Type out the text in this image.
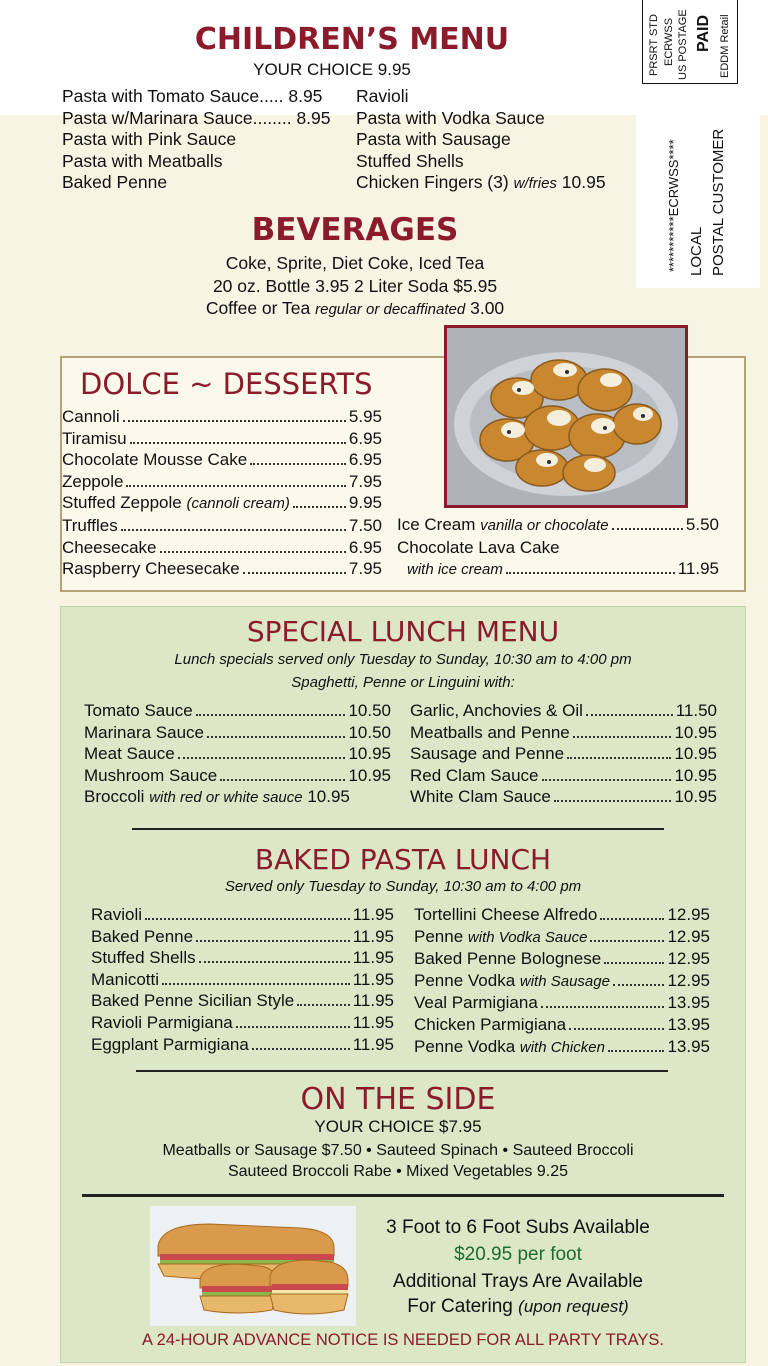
CHILDREN’S MENU
YOUR CHOICE 9.95
Pasta with Tomato Sauce..... 8.95
Pasta w/Marinara Sauce........ 8.95
Pasta with Pink Sauce
Pasta with Meatballs
Baked Penne
Ravioli
Pasta with Vodka Sauce
Pasta with Sausage
Stuffed Shells
Chicken Fingers (3) w/fries 10.95
PRSRT STD ECRWSS US POSTAGE PAID EDDM Retail
***********ECRWSS**** LOCAL POSTAL CUSTOMER
BEVERAGES
Coke, Sprite, Diet Coke, Iced Tea
20 oz. Bottle 3.95 2 Liter Soda $5.95
Coffee or Tea regular or decaffinated 3.00
DOLCE ~ DESSERTS
Cannoli	5.95
Tiramisu	6.95
Chocolate Mousse Cake	6.95
Zeppole	7.95
Stuffed Zeppole
(cannoli cream)	9.95
Truffles	7.50
Cheesecake	6.95
Raspberry Cheesecake	7.95
Ice Cream
vanilla or chocolate	5.50
Chocolate Lava Cake
with ice cream	11.95
SPECIAL LUNCH MENU
Lunch specials served only Tuesday to Sunday, 10:30 am to 4:00 pm
Spaghetti, Penne or Linguini with:
Tomato Sauce	10.50
Marinara Sauce	10.50
Meat Sauce	10.95
Mushroom Sauce	10.95
Broccoli
with red or white sauce
10.95
Garlic, Anchovies & Oil	11.50
Meatballs and Penne	10.95
Sausage and Penne	10.95
Red Clam Sauce	10.95
White Clam Sauce	10.95
BAKED PASTA LUNCH
Served only Tuesday to Sunday, 10:30 am to 4:00 pm
Ravioli	11.95
Baked Penne	11.95
Stuffed Shells	11.95
Manicotti	11.95
Baked Penne Sicilian Style	11.95
Ravioli Parmigiana	11.95
Eggplant Parmigiana	11.95
Tortellini Cheese Alfredo	12.95
Penne
with Vodka Sauce	12.95
Baked Penne Bolognese	12.95
Penne Vodka
with Sausage	12.95
Veal Parmigiana	13.95
Chicken Parmigiana	13.95
Penne Vodka
with Chicken	13.95
ON THE SIDE
YOUR CHOICE $7.95
Meatballs or Sausage $7.50 • Sauteed Spinach • Sauteed Broccoli
Sauteed Broccoli Rabe • Mixed Vegetables 9.25
3 Foot to 6 Foot Subs Available
$20.95 per foot
Additional Trays Are Available
For Catering (upon request)
A 24-HOUR ADVANCE NOTICE IS NEEDED FOR ALL PARTY TRAYS.
